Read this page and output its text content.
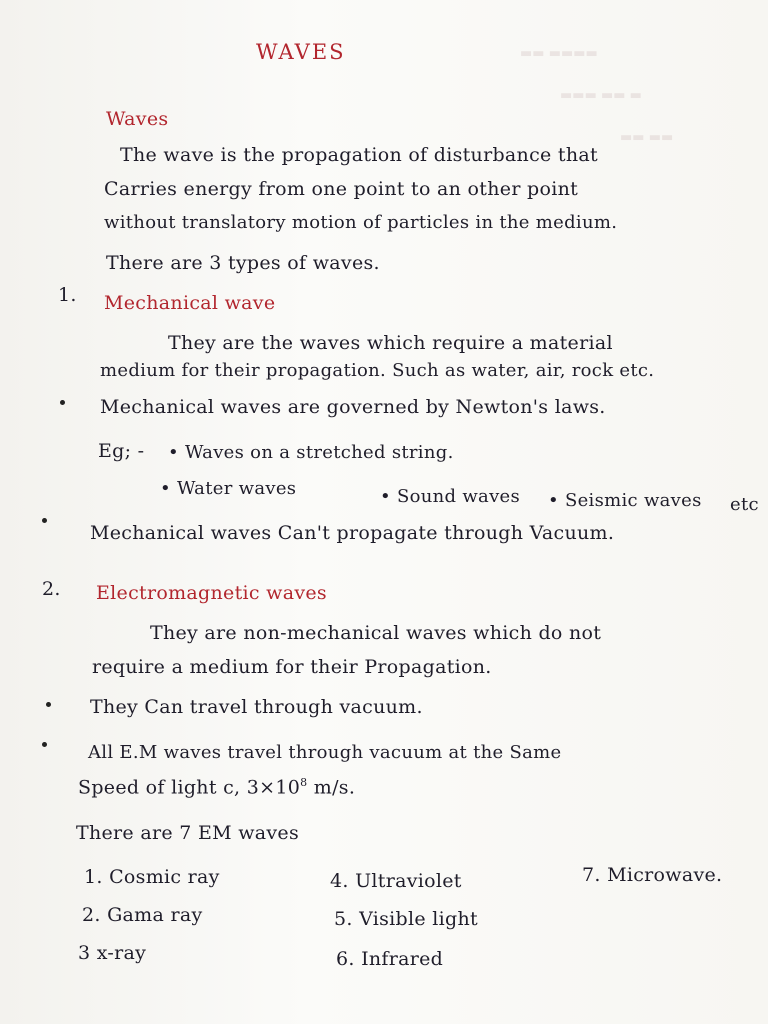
▬▬ ▬▬▬▬
▬▬▬ ▬▬ ▬
▬▬ ▬▬
WAVES
Waves
The wave is the propagation of disturbance that
Carries energy from one point to an other point
without translatory motion of particles in the medium.
There are 3 types of waves.
1. Mechanical wave
They are the waves which require a material
medium for their propagation. Such as water, air, rock etc.
Mechanical waves are governed by Newton's laws.
Eg; - • Waves on a stretched string.
• Water waves	• Sound waves • Seismic waves etc
Mechanical waves Can't propagate through Vacuum.
2. Electromagnetic waves
They are non-mechanical waves which do not
require a medium for their Propagation.
They Can travel through vacuum.
All E.M waves travel through vacuum at the Same
Speed of light c, $3\times 10^8$ m/s.
There are 7 EM waves
1. Cosmic ray
2. Gama ray
3 x-ray
4. Ultraviolet
5. Visible light
6. Infrared
7. Microwave.
